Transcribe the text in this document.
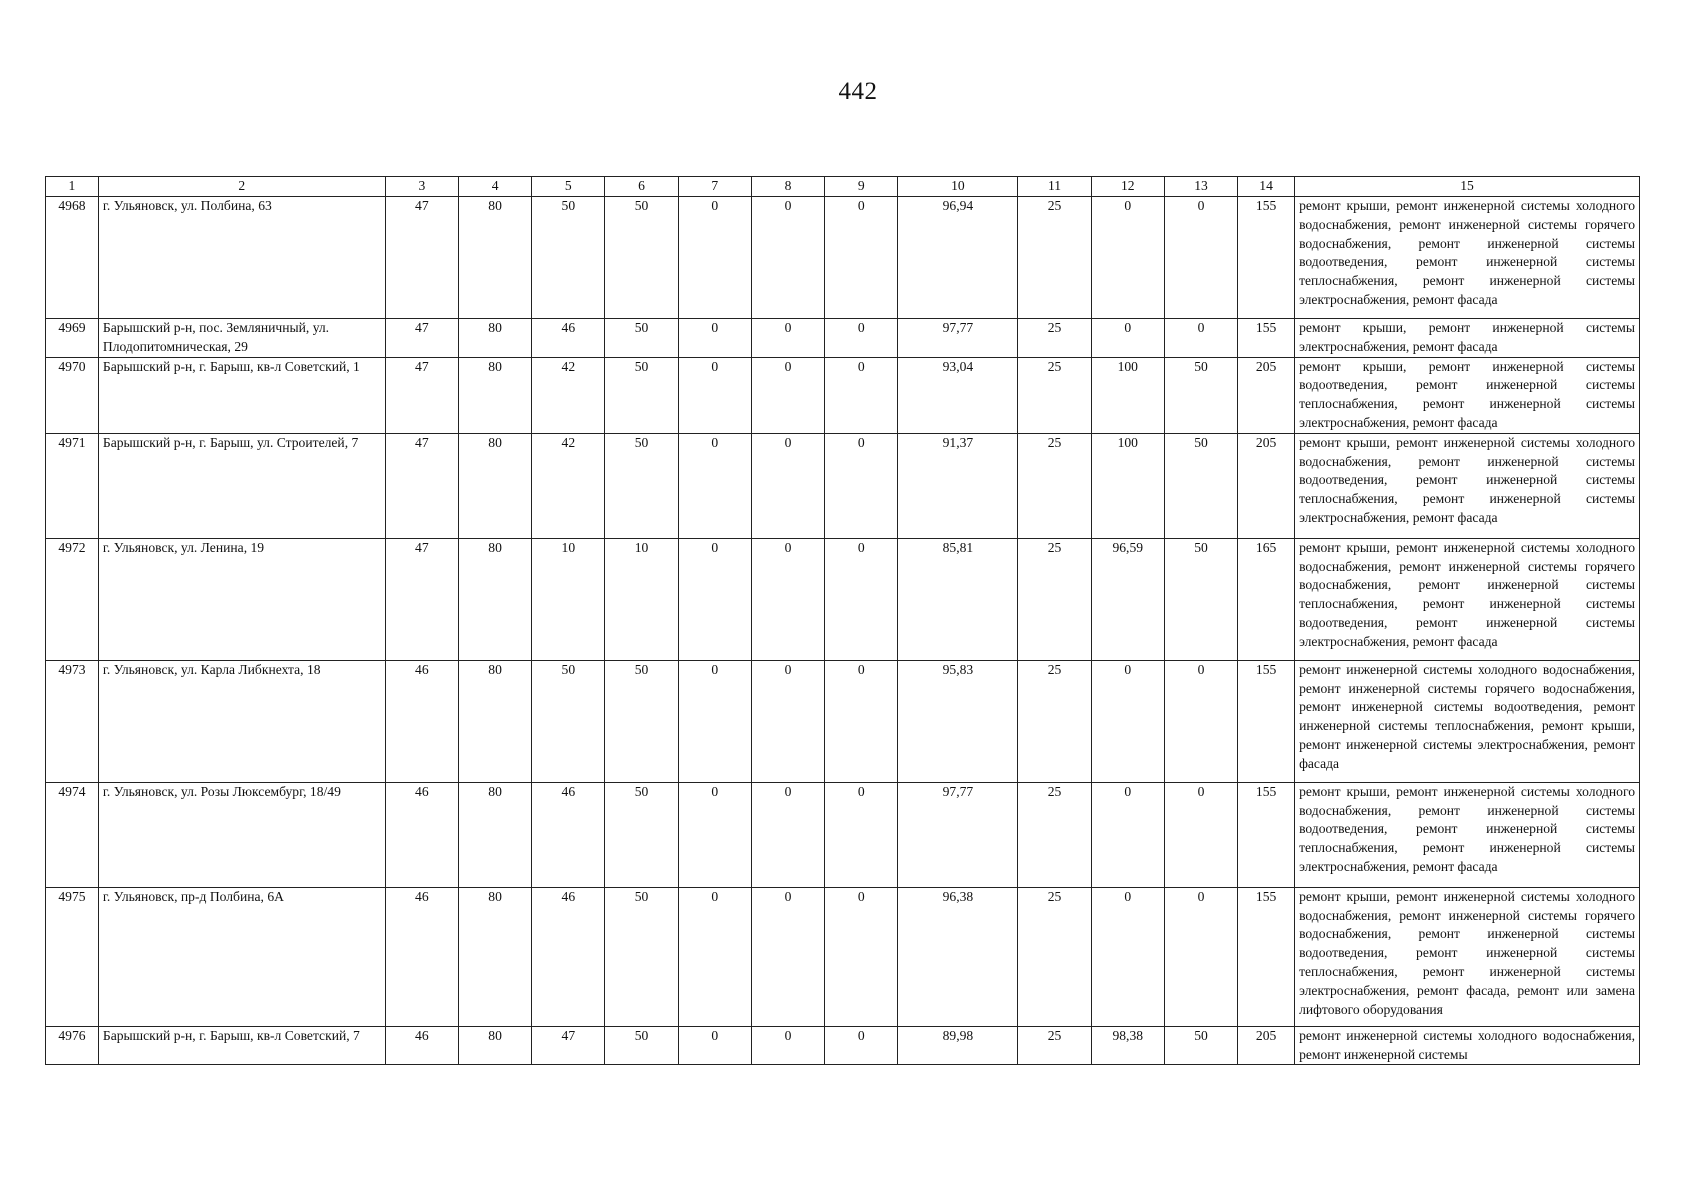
442
1	2	3	4	5	6	7	8	9	10	11	12	13	14	15
4968	г. Ульяновск, ул. Полбина, 63	47	80	50	50	0	0	0	96,94	25	0	0	155	ремонт крыши, ремонт инженерной системы холодного водоснабжения, ремонт инженерной системы горячего водоснабжения, ремонт инженерной системы водоотведения, ремонт инженерной системы теплоснабжения, ремонт инженерной системы электроснабжения, ремонт фасада
4969	Барышский р-н, пос. Земляничный, ул. Плодопитомническая, 29	47	80	46	50	0	0	0	97,77	25	0	0	155	ремонт крыши, ремонт инженерной системы электроснабжения, ремонт фасада
4970	Барышский р-н, г. Барыш, кв-л Советский, 1	47	80	42	50	0	0	0	93,04	25	100	50	205	ремонт крыши, ремонт инженерной системы водоотведения, ремонт инженерной системы теплоснабжения, ремонт инженерной системы электроснабжения, ремонт фасада
4971	Барышский р-н, г. Барыш, ул. Строителей, 7	47	80	42	50	0	0	0	91,37	25	100	50	205	ремонт крыши, ремонт инженерной системы холодного водоснабжения, ремонт инженерной системы водоотведения, ремонт инженерной системы теплоснабжения, ремонт инженерной системы электроснабжения, ремонт фасада
4972	г. Ульяновск, ул. Ленина, 19	47	80	10	10	0	0	0	85,81	25	96,59	50	165	ремонт крыши, ремонт инженерной системы холодного водоснабжения, ремонт инженерной системы горячего водоснабжения, ремонт инженерной системы теплоснабжения, ремонт инженерной системы водоотведения, ремонт инженерной системы электроснабжения, ремонт фасада
4973	г. Ульяновск, ул. Карла Либкнехта, 18	46	80	50	50	0	0	0	95,83	25	0	0	155	ремонт инженерной системы холодного водоснабжения, ремонт инженерной системы горячего водоснабжения, ремонт инженерной системы водоотведения, ремонт инженерной системы теплоснабжения, ремонт крыши, ремонт инженерной системы электроснабжения, ремонт фасада
4974	г. Ульяновск, ул. Розы Люксембург, 18/49	46	80	46	50	0	0	0	97,77	25	0	0	155	ремонт крыши, ремонт инженерной системы холодного водоснабжения, ремонт инженерной системы водоотведения, ремонт инженерной системы теплоснабжения, ремонт инженерной системы электроснабжения, ремонт фасада
4975	г. Ульяновск, пр-д Полбина, 6А	46	80	46	50	0	0	0	96,38	25	0	0	155	ремонт крыши, ремонт инженерной системы холодного водоснабжения, ремонт инженерной системы горячего водоснабжения, ремонт инженерной системы водоотведения, ремонт инженерной системы теплоснабжения, ремонт инженерной системы электроснабжения, ремонт фасада, ремонт или замена лифтового оборудования
4976	Барышский р-н, г. Барыш, кв-л Советский, 7	46	80	47	50	0	0	0	89,98	25	98,38	50	205	ремонт инженерной системы холодного водоснабжения, ремонт инженерной системы
